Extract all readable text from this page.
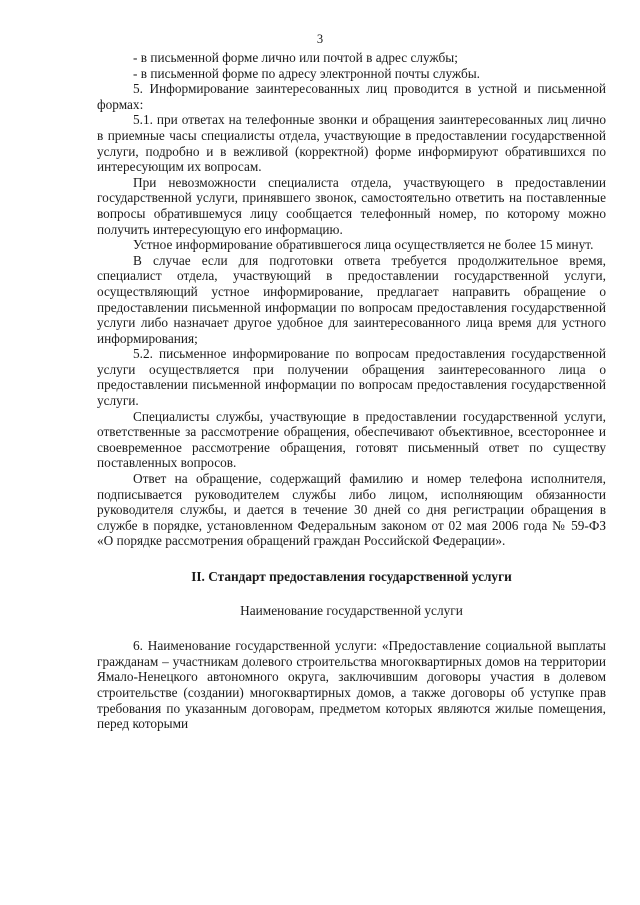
3

- в письменной форме лично или почтой в адрес службы;

- в письменной форме по адресу электронной почты службы.

5. Информирование заинтересованных лиц проводится в устной и письменной формах:

5.1. при ответах на телефонные звонки и обращения заинтересованных лиц лично в приемные часы специалисты отдела, участвующие в предоставлении государственной услуги, подробно и в вежливой (корректной) форме информируют обратившихся по интересующим их вопросам.

При невозможности специалиста отдела, участвующего в предоставлении государственной услуги, принявшего звонок, самостоятельно ответить на поставленные вопросы обратившемуся лицу сообщается телефонный номер, по которому можно получить интересующую его информацию.

Устное информирование обратившегося лица осуществляется не более 15 минут.

В случае если для подготовки ответа требуется продолжительное время, специалист отдела, участвующий в предоставлении государственной услуги, осуществляющий устное информирование, предлагает направить обращение о предоставлении письменной информации по вопросам предоставления государственной услуги либо назначает другое удобное для заинтересованного лица время для устного информирования;

5.2. письменное информирование по вопросам предоставления государственной услуги осуществляется при получении обращения заинтересованного лица о предоставлении письменной информации по вопросам предоставления государственной услуги.

Специалисты службы, участвующие в предоставлении государственной услуги, ответственные за рассмотрение обращения, обеспечивают объективное, всестороннее и своевременное рассмотрение обращения, готовят письменный ответ по существу поставленных вопросов.

Ответ на обращение, содержащий фамилию и номер телефона исполнителя, подписывается руководителем службы либо лицом, исполняющим обязанности руководителя службы, и дается в течение 30 дней со дня регистрации обращения в службе в порядке, установленном Федеральным законом от 02 мая 2006 года № 59-ФЗ «О порядке рассмотрения обращений граждан Российской Федерации».

II. Стандарт предоставления государственной услуги
Наименование государственной услуги

6. Наименование государственной услуги: «Предоставление социальной выплаты гражданам – участникам долевого строительства многоквартирных домов на территории Ямало-Ненецкого автономного округа, заключившим договоры участия в долевом строительстве (создании) многоквартирных домов, а также договоры об уступке прав требования по указанным договорам, предметом которых являются жилые помещения, перед которыми
